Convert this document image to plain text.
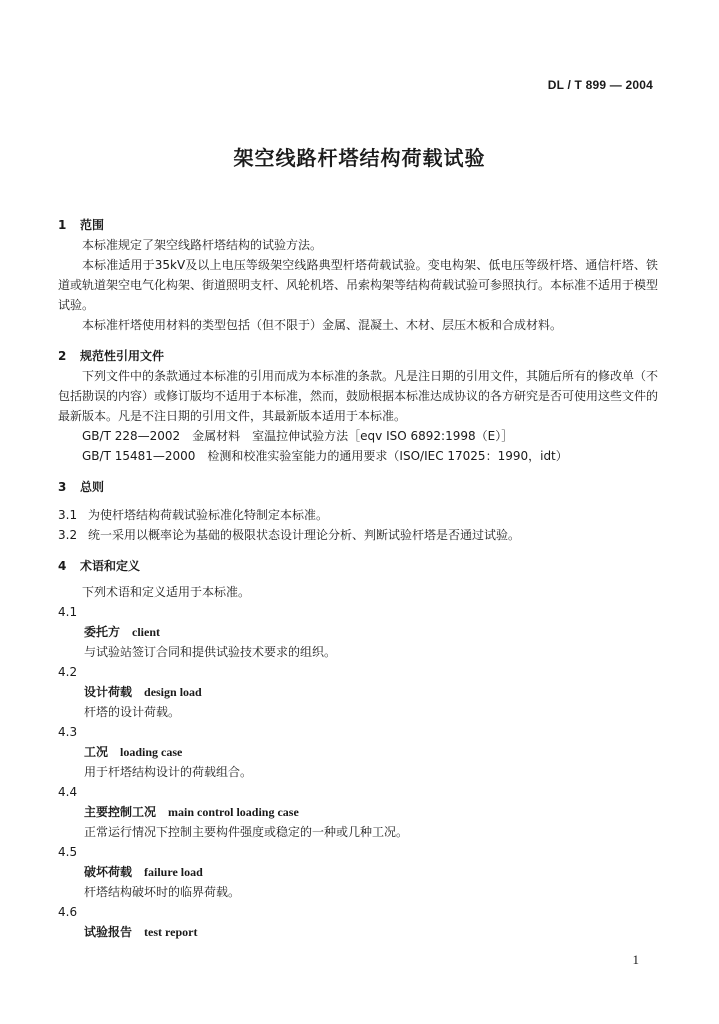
DL / T 899 — 2004
架空线路杆塔结构荷载试验
1 范围

本标准规定了架空线路杆塔结构的试验方法。

本标准适用于35kV及以上电压等级架空线路典型杆塔荷载试验。变电构架、低电压等级杆塔、通信杆塔、铁道或轨道架空电气化构架、街道照明支杆、风轮机塔、吊索构架等结构荷载试验可参照执行。本标准不适用于模型试验。

本标准杆塔使用材料的类型包括（但不限于）金属、混凝土、木材、层压木板和合成材料。

2 规范性引用文件

下列文件中的条款通过本标准的引用而成为本标准的条款。凡是注日期的引用文件，其随后所有的修改单（不包括勘误的内容）或修订版均不适用于本标准，然而，鼓励根据本标准达成协议的各方研究是否可使用这些文件的最新版本。凡是不注日期的引用文件，其最新版本适用于本标准。

GB/T 228—2002　金属材料　室温拉伸试验方法［eqv ISO 6892:1998（E）］

GB/T 15481—2000　检测和校准实验室能力的通用要求（ISO/IEC 17025：1990，idt）

3 总则

3.1 为使杆塔结构荷载试验标准化特制定本标准。

3.2 统一采用以概率论为基础的极限状态设计理论分析、判断试验杆塔是否通过试验。

4 术语和定义

下列术语和定义适用于本标准。

4.1

委托方 client

与试验站签订合同和提供试验技术要求的组织。

4.2

设计荷载 design load

杆塔的设计荷载。

4.3

工况 loading case

用于杆塔结构设计的荷载组合。

4.4

主要控制工况 main control loading case

正常运行情况下控制主要构件强度或稳定的一种或几种工况。

4.5

破坏荷载 failure load

杆塔结构破坏时的临界荷载。

4.6

试验报告 test report

1
